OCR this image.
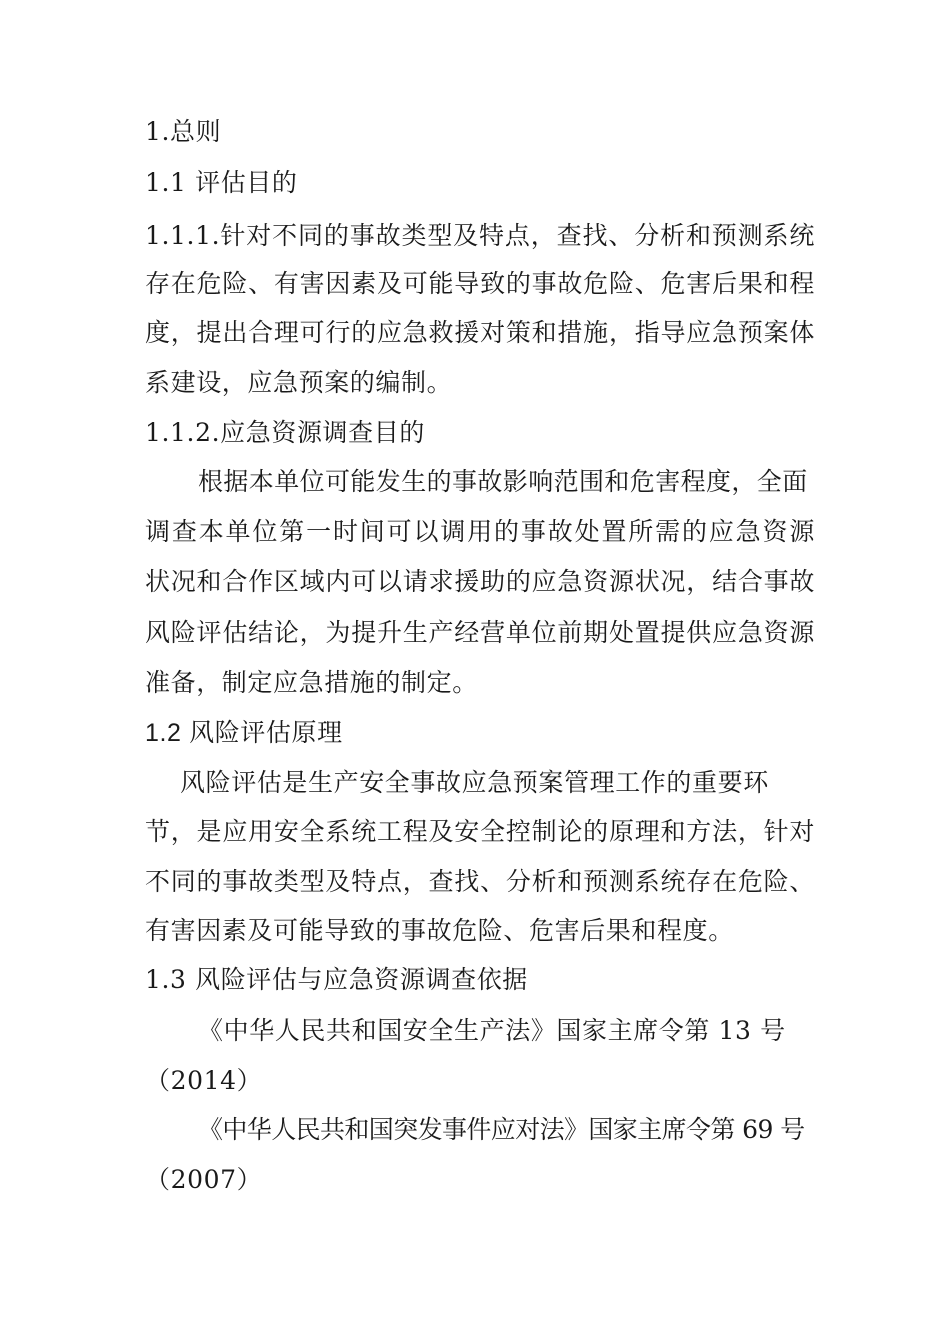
1.总则
1.1 评估目的
1.1.1.针对不同的事故类型及特点，查找、分析和预测系统
存在危险、有害因素及可能导致的事故危险、危害后果和程
度，提出合理可行的应急救援对策和措施，指导应急预案体
系建设，应急预案的编制。
1.1.2.应急资源调查目的
根据本单位可能发生的事故影响范围和危害程度，全面
调查本单位第一时间可以调用的事故处置所需的应急资源
状况和合作区域内可以请求援助的应急资源状况，结合事故
风险评估结论，为提升生产经营单位前期处置提供应急资源
准备，制定应急措施的制定。
1.2 风险评估原理
风险评估是生产安全事故应急预案管理工作的重要环
节，是应用安全系统工程及安全控制论的原理和方法，针对
不同的事故类型及特点，查找、分析和预测系统存在危险、
有害因素及可能导致的事故危险、危害后果和程度。
1.3 风险评估与应急资源调查依据
《中华人民共和国安全生产法》国家主席令第 13 号
（2014）
《中华人民共和国突发事件应对法》国家主席令第 69 号
（2007）
